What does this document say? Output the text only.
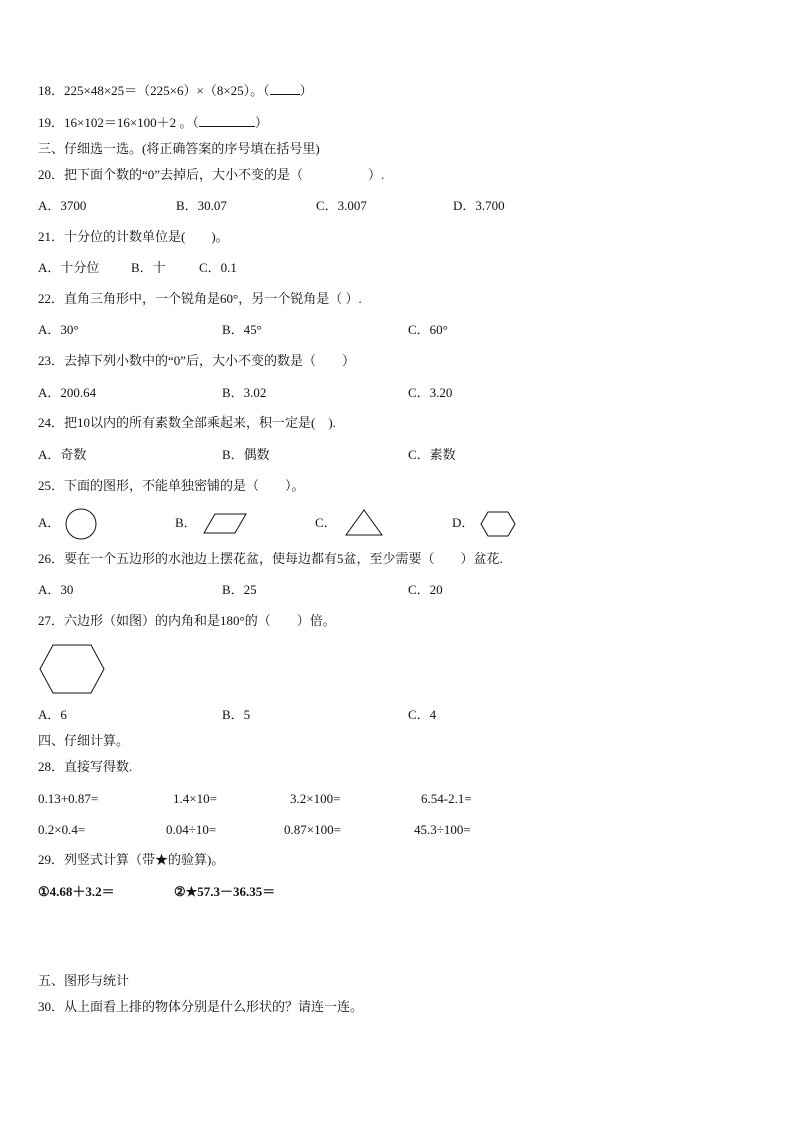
18．225×48×25＝（225×6）×（8×25）。（ ）
19．16×102＝16×100＋2 。（	）
三、仔细选一选。(将正确答案的序号填在括号里)
20．把下面个数的“0”去掉后，大小不变的是（　　　　　）.
A．3700	B．30.07	C．3.007	D．3.700
21．十分位的计数单位是(　　)。
A．十分位 B．十	C．0.1
22．直角三角形中，一个锐角是60°，另一个锐角是（ ）.
A．30°	B．45°	C．60°
23．去掉下列小数中的“0”后，大小不变的数是（　　）
A．200.64	B．3.02	C．3.20
24．把10以内的所有素数全部乘起来，积一定是(　).
A．奇数	B．偶数	C．素数
25．下面的图形，不能单独密铺的是（　　）。
A．	B．	C．	D．
26．要在一个五边形的水池边上摆花盆，使每边都有5盆，至少需要（　　）盆花.
A．30	B．25	C．20
27．六边形（如图）的内角和是180°的（　　）倍。
A．6	B．5	C．4
四、仔细计算。
28．直接写得数.
0.13+0.87=	1.4×10=	3.2×100=	6.54-2.1=
0.2×0.4=	0.04÷10=	0.87×100=	45.3÷100=
29．列竖式计算（带★的验算)。
①4.68＋3.2＝	②★57.3－36.35＝
五、图形与统计
30．从上面看上排的物体分别是什么形状的？请连一连。
